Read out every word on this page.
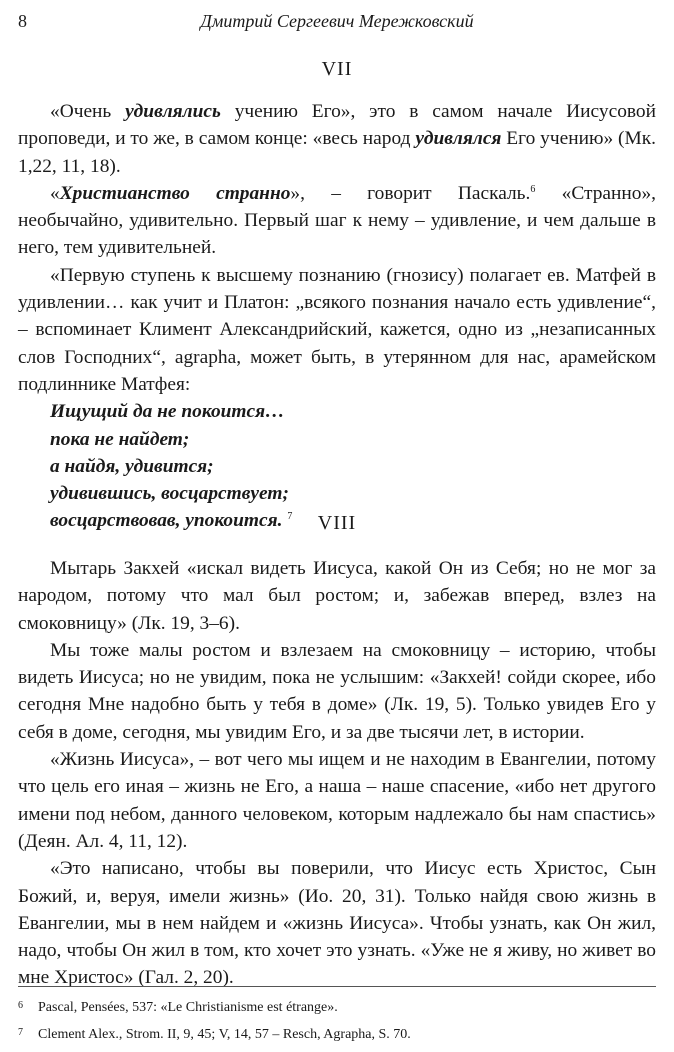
8	Дмитрий Сергеевич Мережковский
VII

«Очень удивлялись учению Его», это в самом начале Иисусовой проповеди, и то же, в самом конце: «весь народ удивлялся Его учению» (Мк. 1,22, 11, 18).

«Христианство странно», – говорит Паскаль.$^6$ «Странно», необычайно, удивительно. Первый шаг к нему – удивление, и чем дальше в него, тем удивительней.

«Первую ступень к высшему познанию (гнозису) полагает ев. Матфей в удивлении… как учит и Платон: „всякого познания начало есть удивление“, – вспоминает Климент Александрийский, кажется, одно из „незаписанных слов Господних“, agrapha, может быть, в утерянном для нас, арамейском подлиннике Матфея:

Ищущий да не покоится…
пока не найдет;
а найдя, удивится;
удивившись, восцарствует;
восцарствовав, упокоится. $^7$	VIII

Мытарь Закхей «искал видеть Иисуса, какой Он из Себя; но не мог за народом, потому что мал был ростом; и, забежав вперед, взлез на смоковницу» (Лк. 19, 3–6).

Мы тоже малы ростом и взлезаем на смоковницу – историю, чтобы видеть Иисуса; но не увидим, пока не услышим: «Закхей! сойди скорее, ибо сегодня Мне надобно быть у тебя в доме» (Лк. 19, 5). Только увидев Его у себя в доме, сегодня, мы увидим Его, и за две тысячи лет, в истории.

«Жизнь Иисуса», – вот чего мы ищем и не находим в Евангелии, потому что цель его иная – жизнь не Его, а наша – наше спасение, «ибо нет другого имени под небом, данного человеком, которым надлежало бы нам спастись» (Деян. Ал. 4, 11, 12).

«Это написано, чтобы вы поверили, что Иисус есть Христос, Сын Божий, и, веруя, имели жизнь» (Ио. 20, 31). Только найдя свою жизнь в Евангелии, мы в нем найдем и «жизнь Иисуса». Чтобы узнать, как Он жил, надо, чтобы Он жил в том, кто хочет это узнать. «Уже не я живу, но живет во мне Христос» (Гал. 2, 20).

6	Pascal, Pensées, 537: «Le Christianisme est étrange».
7	Clement Alex., Strom. II, 9, 45; V, 14, 57 – Resch, Agrapha, S. 70.
